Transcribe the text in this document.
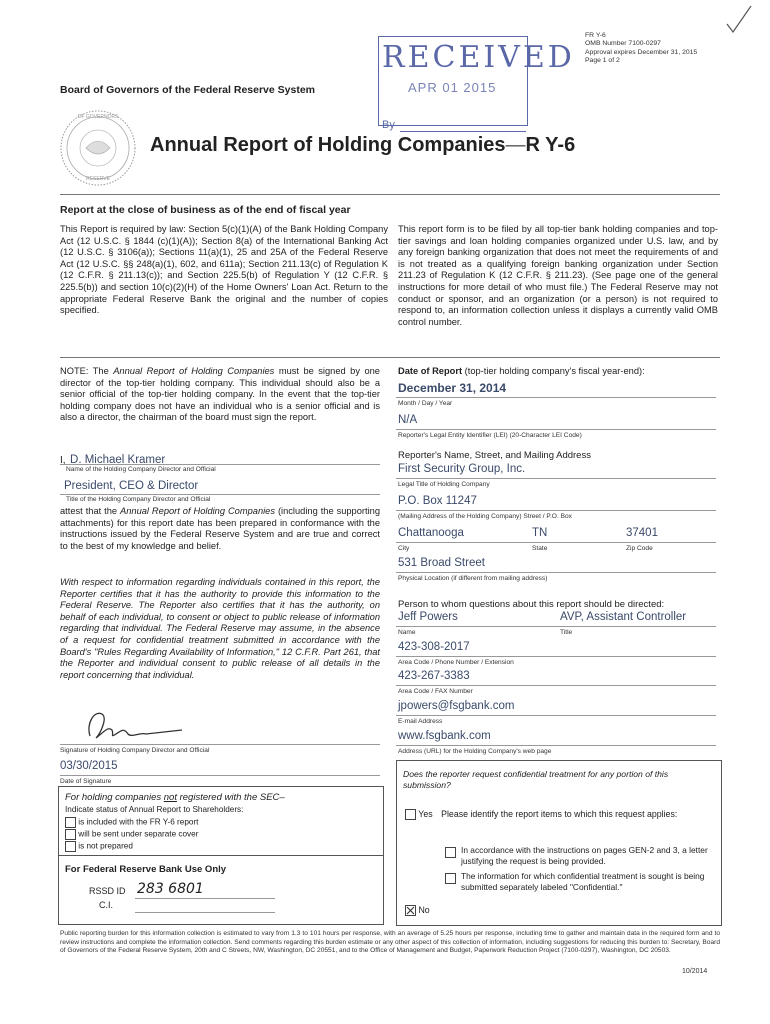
FR Y-6
OMB Number 7100-0297
Approval expires December 31, 2015
Page 1 of 2
RECEIVED
APR 01 2015
By
Board of Governors of the Federal Reserve System
OF GOVERNORS
RESERVE
Annual Report of Holding Companies—R Y-6
Report at the close of business as of the end of fiscal year
This Report is required by law: Section 5(c)(1)(A) of the Bank Holding Company Act (12 U.S.C. § 1844 (c)(1)(A)); Section 8(a) of the International Banking Act (12 U.S.C. § 3106(a)); Sections 11(a)(1), 25 and 25A of the Federal Reserve Act (12 U.S.C. §§ 248(a)(1), 602, and 611a); Section 211.13(c) of Regulation K (12 C.F.R. § 211.13(c)); and Section 225.5(b) of Regulation Y (12 C.F.R. § 225.5(b)) and section 10(c)(2)(H) of the Home Owners' Loan Act. Return to the appropriate Federal Reserve Bank the original and the number of copies specified.
This report form is to be filed by all top-tier bank holding companies and top-tier savings and loan holding companies organized under U.S. law, and by any foreign banking organization that does not meet the requirements of and is not treated as a qualifying foreign banking organization under Section 211.23 of Regulation K (12 C.F.R. § 211.23). (See page one of the general instructions for more detail of who must file.) The Federal Reserve may not conduct or sponsor, and an organization (or a person) is not required to respond to, an information collection unless it displays a currently valid OMB control number.
NOTE: The Annual Report of Holding Companies must be signed by one director of the top-tier holding company. This individual should also be a senior official of the top-tier holding company. In the event that the top-tier holding company does not have an individual who is a senior official and is also a director, the chairman of the board must sign the report.
I, D. Michael Kramer
Name of the Holding Company Director and Official
President, CEO & Director
Title of the Holding Company Director and Official
attest that the Annual Report of Holding Companies (including the supporting attachments) for this report date has been prepared in conformance with the instructions issued by the Federal Reserve System and are true and correct to the best of my knowledge and belief.
With respect to information regarding individuals contained in this report, the Reporter certifies that it has the authority to provide this information to the Federal Reserve. The Reporter also certifies that it has the authority, on behalf of each individual, to consent or object to public release of information regarding that individual. The Federal Reserve may assume, in the absence of a request for confidential treatment submitted in accordance with the Board's "Rules Regarding Availability of Information," 12 C.F.R. Part 261, that the Reporter and individual consent to public release of all details in the report concerning that individual.
Signature of Holding Company Director and Official
03/30/2015
Date of Signature
For holding companies not registered with the SEC–
Indicate status of Annual Report to Shareholders:
is included with the FR Y-6 report
will be sent under separate cover
is not prepared
For Federal Reserve Bank Use Only
RSSD ID 283 6801
C.I.
Date of Report (top-tier holding company's fiscal year-end):
December 31, 2014
Month / Day / Year
N/A
Reporter's Legal Entity Identifier (LEI) (20-Character LEI Code)
Reporter's Name, Street, and Mailing Address
First Security Group, Inc.
Legal Title of Holding Company
P.O. Box 11247
(Mailing Address of the Holding Company) Street / P.O. Box
Chattanooga	TN	37401
City	State	Zip Code
531 Broad Street
Physical Location (if different from mailing address)
Person to whom questions about this report should be directed:
Jeff Powers	AVP, Assistant Controller
Name	Title
423-308-2017
Area Code / Phone Number / Extension
423-267-3383
Area Code / FAX Number
jpowers@fsgbank.com
E-mail Address
www.fsgbank.com
Address (URL) for the Holding Company's web page
Does the reporter request confidential treatment for any portion of this submission?
Yes Please identify the report items to which this request applies:
In accordance with the instructions on pages GEN-2 and 3, a letter justifying the request is being provided.
The information for which confidential treatment is sought is being submitted separately labeled "Confidential."
No
Public reporting burden for this information collection is estimated to vary from 1.3 to 101 hours per response, with an average of 5.25 hours per response, including time to gather and maintain data in the required form and to review instructions and complete the information collection. Send comments regarding this burden estimate or any other aspect of this collection of information, including suggestions for reducing this burden to: Secretary, Board of Governors of the Federal Reserve System, 20th and C Streets, NW, Washington, DC 20551, and to the Office of Management and Budget, Paperwork Reduction Project (7100-0297), Washington, DC 20503.
10/2014
